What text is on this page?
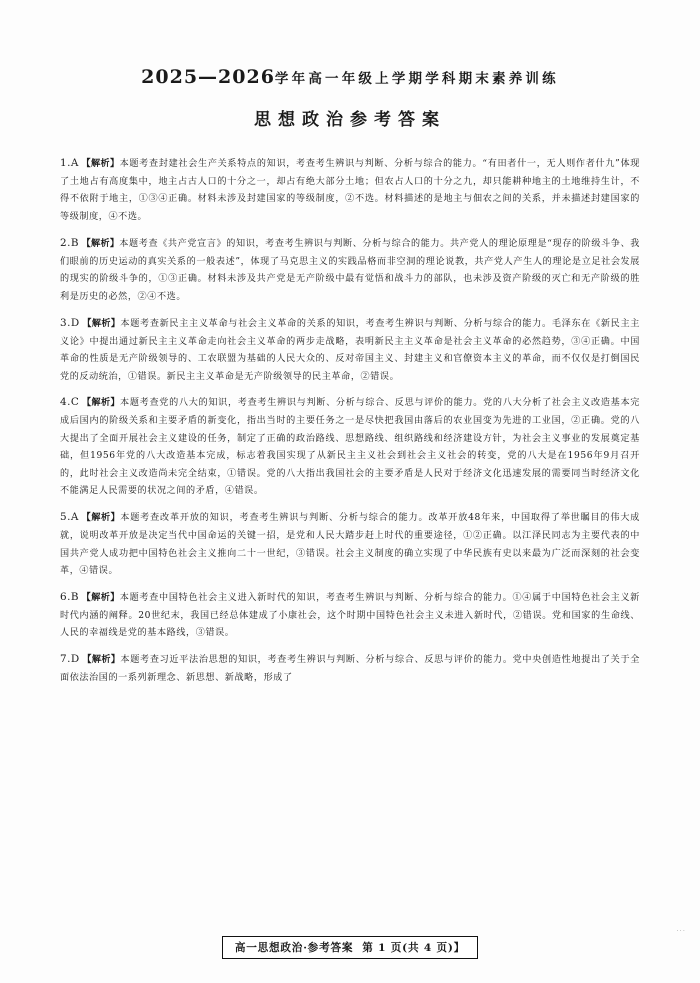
2025—2026学年高一年级上学期学科期末素养训练
思想政治参考答案
1.A 【解析】本题考查封建社会生产关系特点的知识，考查考生辨识与判断、分析与综合的能力。“有田者什一，无人则作者什九”体现了土地占有高度集中，地主占古人口的十分之一，却占有绝大部分土地；但农占人口的十分之九，却只能耕种地主的土地维持生计，不得不依附于地主，①③④正确。材料未涉及封建国家的等级制度，②不选。材料描述的是地主与佃农之间的关系，并未描述封建国家的等级制度，④不选。
2.B 【解析】本题考查《共产党宣言》的知识，考查考生辨识与判断、分析与综合的能力。共产党人的理论原理是“现存的阶级斗争、我们眼前的历史运动的真实关系的一般表述”，体现了马克思主义的实践品格而非空洞的理论说教，共产党人产生人的理论是立足社会发展的现实的阶级斗争的，①③正确。材料未涉及共产党是无产阶级中最有觉悟和战斗力的部队，也未涉及资产阶级的灭亡和无产阶级的胜利是历史的必然，②④不选。
3.D 【解析】本题考查新民主主义革命与社会主义革命的关系的知识，考查考生辨识与判断、分析与综合的能力。毛泽东在《新民主主义论》中提出通过新民主主义革命走向社会主义革命的两步走战略，表明新民主主义革命是社会主义革命的必然趋势，③④正确。中国革命的性质是无产阶级领导的、工农联盟为基础的人民大众的、反对帝国主义、封建主义和官僚资本主义的革命，而不仅仅是打倒国民党的反动统治，①错误。新民主主义革命是无产阶级领导的民主革命，②错误。
4.C 【解析】本题考查党的八大的知识，考查考生辨识与判断、分析与综合、反思与评价的能力。党的八大分析了社会主义改造基本完成后国内的阶级关系和主要矛盾的新变化，指出当时的主要任务之一是尽快把我国由落后的农业国变为先进的工业国，②正确。党的八大提出了全面开展社会主义建设的任务，制定了正确的政治路线、思想路线、组织路线和经济建设方针，为社会主义事业的发展奠定基础，但1956年党的八大改造基本完成，标志着我国实现了从新民主主义社会到社会主义社会的转变，党的八大是在1956年9月召开的，此时社会主义改造尚未完全结束，①错误。党的八大指出我国社会的主要矛盾是人民对于经济文化迅速发展的需要同当时经济文化不能满足人民需要的状况之间的矛盾，④错误。
5.A 【解析】本题考查改革开放的知识，考查考生辨识与判断、分析与综合的能力。改革开放48年来，中国取得了举世瞩目的伟大成就，说明改革开放是决定当代中国命运的关键一招，是党和人民大踏步赶上时代的重要途径，①②正确。以江泽民同志为主要代表的中国共产党人成功把中国特色社会主义推向二十一世纪，③错误。社会主义制度的确立实现了中华民族有史以来最为广泛而深刻的社会变革，④错误。
6.B 【解析】本题考查中国特色社会主义进入新时代的知识，考查考生辨识与判断、分析与综合的能力。①④属于中国特色社会主义新时代内涵的阐释。20世纪末，我国已经总体建成了小康社会，这个时期中国特色社会主义未进入新时代，②错误。党和国家的生命线、人民的幸福线是党的基本路线，③错误。
7.D 【解析】本题考查习近平法治思想的知识，考查考生辨识与判断、分析与综合、反思与评价的能力。党中央创造性地提出了关于全面依法治国的一系列新理念、新思想、新战略，形成了
···
高一思想政治·参考答案 第 1 页(共 4 页)】
